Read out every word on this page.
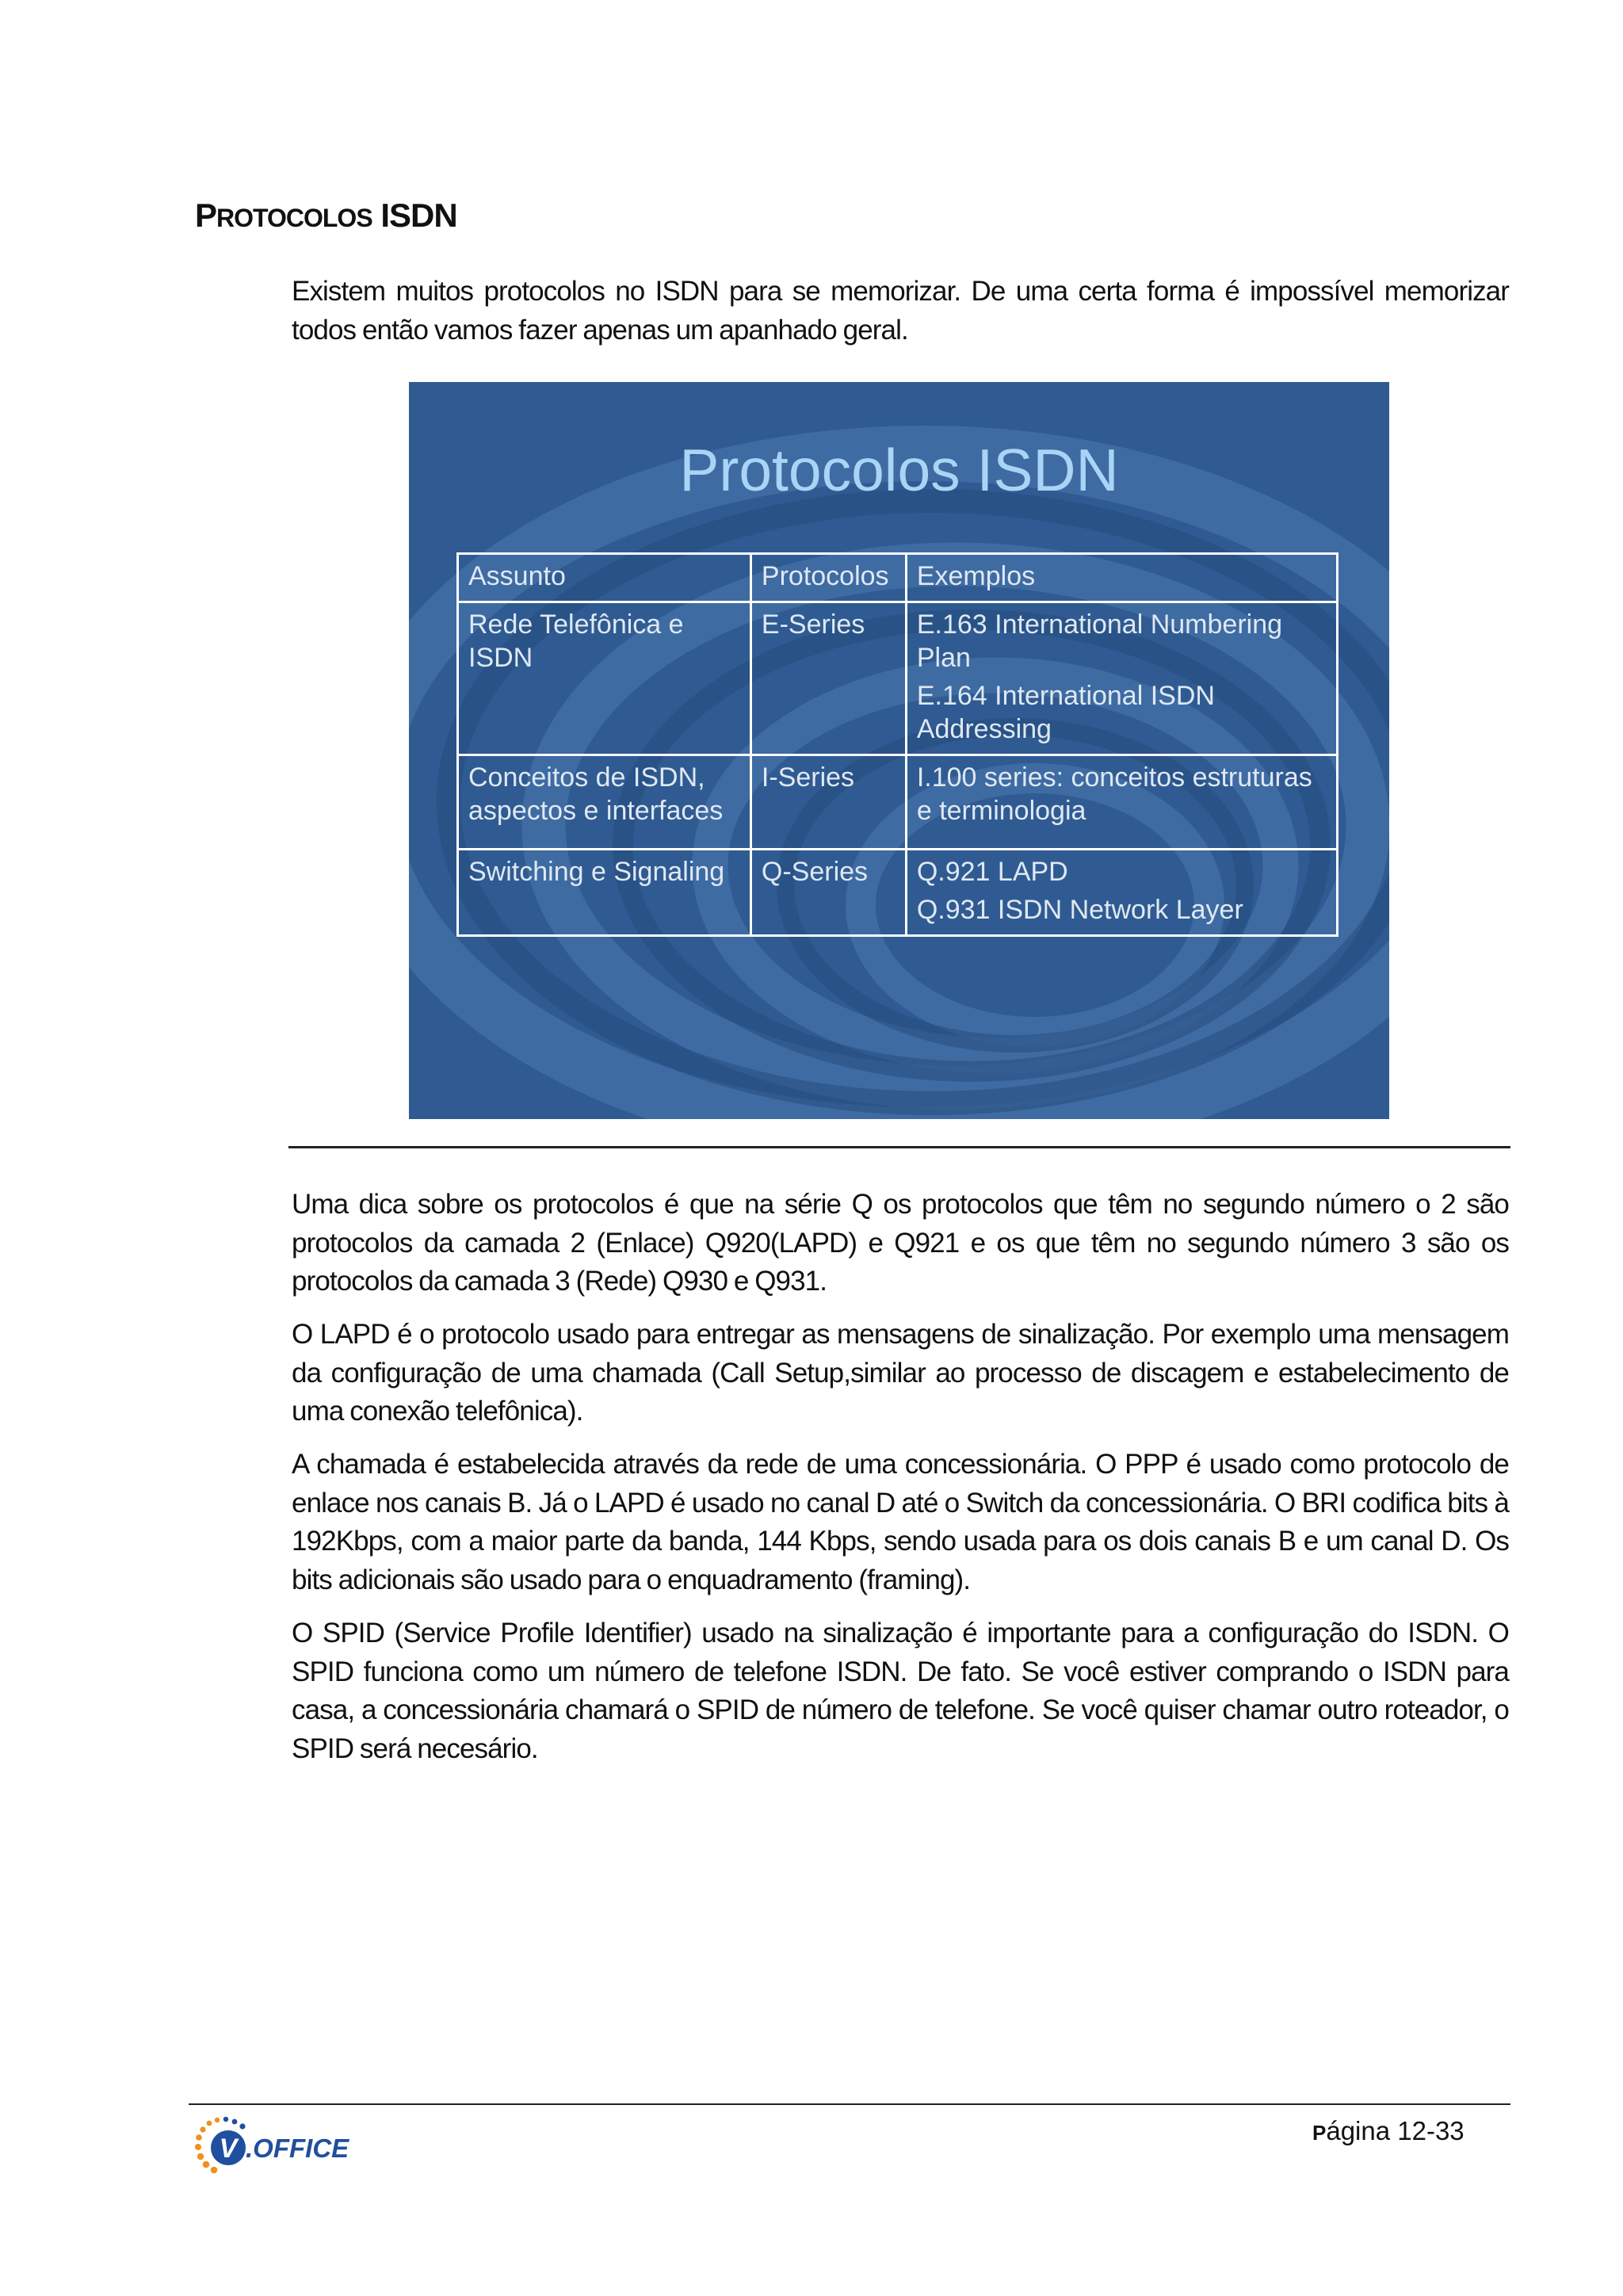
PROTOCOLOS ISDN

Existem muitos protocolos no ISDN para se memorizar. De uma certa forma é impossível memorizar todos então vamos fazer apenas um apanhado geral.

Protocolos ISDN
Assunto	Protocolos	Exemplos
Rede Telefônica e ISDN	E-Series	E.163 International Numbering Plan

E.164 International ISDN Addressing

Conceitos de ISDN, aspectos e interfaces	I-Series	I.100 series: conceitos estruturas e terminologia

Switching e Signaling	Q-Series	Q.921 LAPD

Q.931 ISDN Network Layer

Uma dica sobre os protocolos é que na série Q os protocolos que têm no segundo número o 2 são protocolos da camada 2 (Enlace) Q920(LAPD) e Q921 e os que têm no segundo número 3 são os protocolos da camada 3 (Rede) Q930 e Q931.

O LAPD é o protocolo usado para entregar as mensagens de sinalização. Por exemplo uma mensagem da configuração de uma chamada (Call Setup,similar ao processo de discagem e estabelecimento de uma conexão telefônica).

A chamada é estabelecida através da rede de uma concessionária. O PPP é usado como protocolo de enlace nos canais B. Já o LAPD é usado no canal D até o Switch da concessionária. O BRI codifica bits à 192Kbps, com a maior parte da banda, 144 Kbps, sendo usada para os dois canais B e um canal D. Os bits adicionais são usado para o enquadramento (framing).

O SPID (Service Profile Identifier) usado na sinalização é importante para a configuração do ISDN. O SPID funciona como um número de telefone ISDN. De fato. Se você estiver comprando o ISDN para casa, a concessionária chamará o SPID de número de telefone. Se você quiser chamar outro roteador, o SPID será necesário.

V .OFFICE
Página 12-33
